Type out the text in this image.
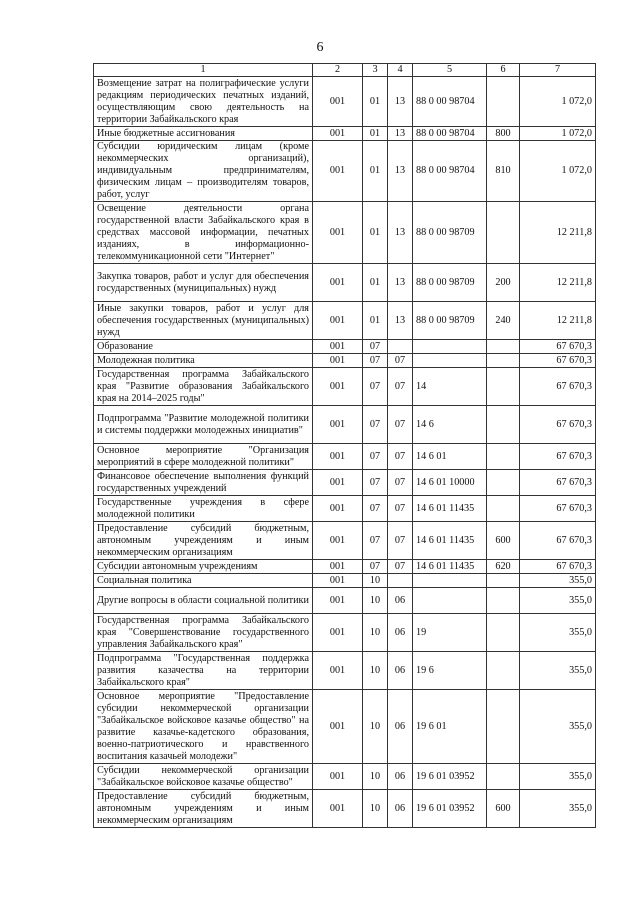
6
1	2	3	4	5	6	7
Возмещение затрат на полиграфические услуги редакциям периодических печатных изданий, осуществляющим свою деятельность на территории Забайкальского края	001	01	13	88 0 00 98704		1 072,0
Иные бюджетные ассигнования	001	01	13	88 0 00 98704	800	1 072,0
Субсидии юридическим лицам (кроме некоммерческих организаций), индивидуальным предпринимателям, физическим лицам – производителям товаров, работ, услуг	001	01	13	88 0 00 98704	810	1 072,0
Освещение деятельности органа государственной власти Забайкальского края в средствах массовой информации, печатных изданиях, в информационно-телекоммуникационной сети "Интернет"	001	01	13	88 0 00 98709		12 211,8
Закупка товаров, работ и услуг для обеспечения государственных (муниципальных) нужд	001	01	13	88 0 00 98709	200	12 211,8
Иные закупки товаров, работ и услуг для обеспечения государственных (муниципальных) нужд	001	01	13	88 0 00 98709	240	12 211,8
Образование	001	07				67 670,3
Молодежная политика	001	07	07			67 670,3
Государственная программа Забайкальского края "Развитие образования Забайкальского края на 2014–2025 годы"	001	07	07	14		67 670,3
Подпрограмма "Развитие молодежной политики и системы поддержки молодежных инициатив"	001	07	07	14 6		67 670,3
Основное мероприятие "Организация мероприятий в сфере молодежной политики"	001	07	07	14 6 01		67 670,3
Финансовое обеспечение выполнения функций государственных учреждений	001	07	07	14 6 01 10000		67 670,3
Государственные учреждения в сфере молодежной политики	001	07	07	14 6 01 11435		67 670,3
Предоставление субсидий бюджетным, автономным учреждениям и иным некоммерческим организациям	001	07	07	14 6 01 11435	600	67 670,3
Субсидии автономным учреждениям	001	07	07	14 6 01 11435	620	67 670,3
Социальная политика	001	10				355,0
Другие вопросы в области социальной политики	001	10	06			355,0
Государственная программа Забайкальского края "Совершенствование государственного управления Забайкальского края"	001	10	06	19		355,0
Подпрограмма "Государственная поддержка развития казачества на территории Забайкальского края"	001	10	06	19 6		355,0
Основное мероприятие "Предоставление субсидии некоммерческой организации "Забайкальское войсковое казачье общество" на развитие казачье-кадетского образования, военно-патриотического и нравственного воспитания казачьей молодежи"	001	10	06	19 6 01		355,0
Субсидии некоммерческой организации "Забайкальское войсковое казачье общество"	001	10	06	19 6 01 03952		355,0
Предоставление субсидий бюджетным, автономным учреждениям и иным некоммерческим организациям	001	10	06	19 6 01 03952	600	355,0
